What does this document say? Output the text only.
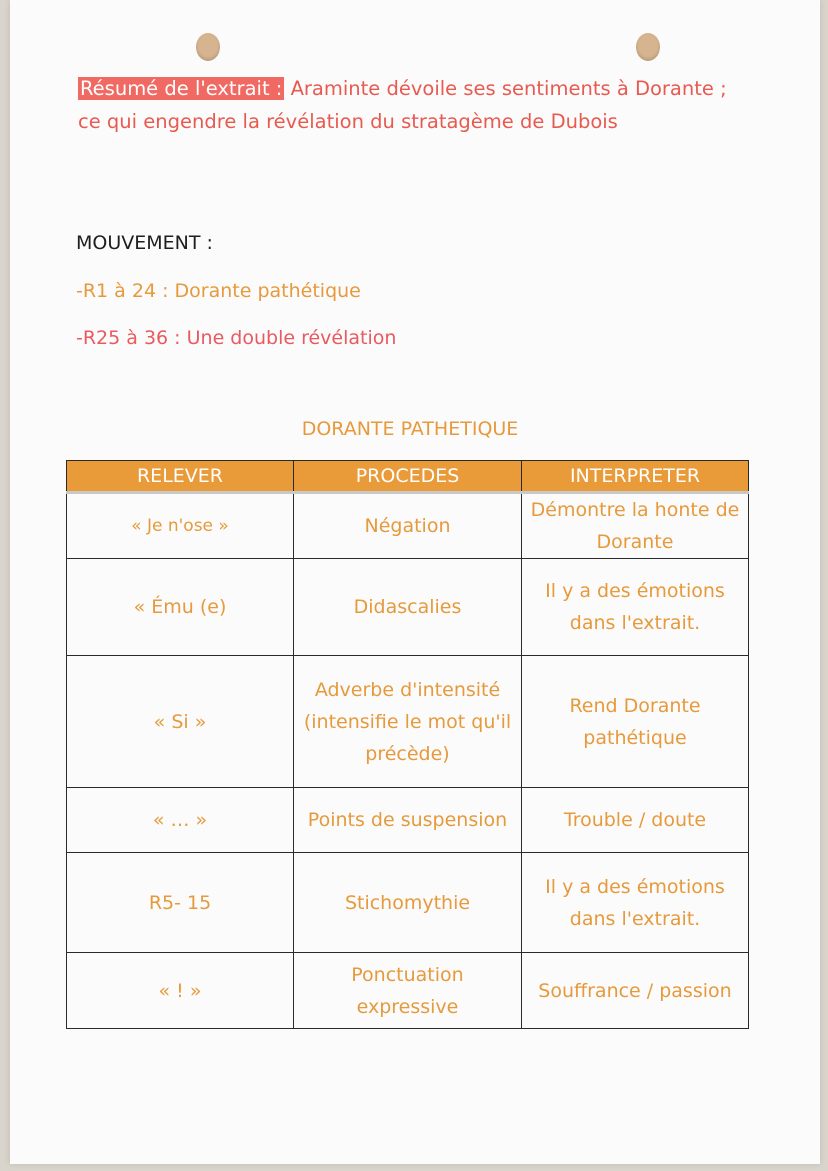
Résumé de l'extrait : Araminte dévoile ses sentiments à Dorante ; ce qui engendre la révélation du stratagème de Dubois
MOUVEMENT :
-R1 à 24 : Dorante pathétique
-R25 à 36 : Une double révélation
DORANTE PATHETIQUE
RELEVER	PROCEDES	INTERPRETER
« Je n'ose »	Négation	Démontre la honte de Dorante
« Ému (e)	Didascalies	Il y a des émotions dans l'extrait.
« Si »	Adverbe d'intensité (intensifie le mot qu'il précède)	Rend Dorante pathétique
« … »	Points de suspension	Trouble / doute
R5- 15	Stichomythie	Il y a des émotions dans l'extrait.
« ! »	Ponctuation expressive	Souffrance / passion
